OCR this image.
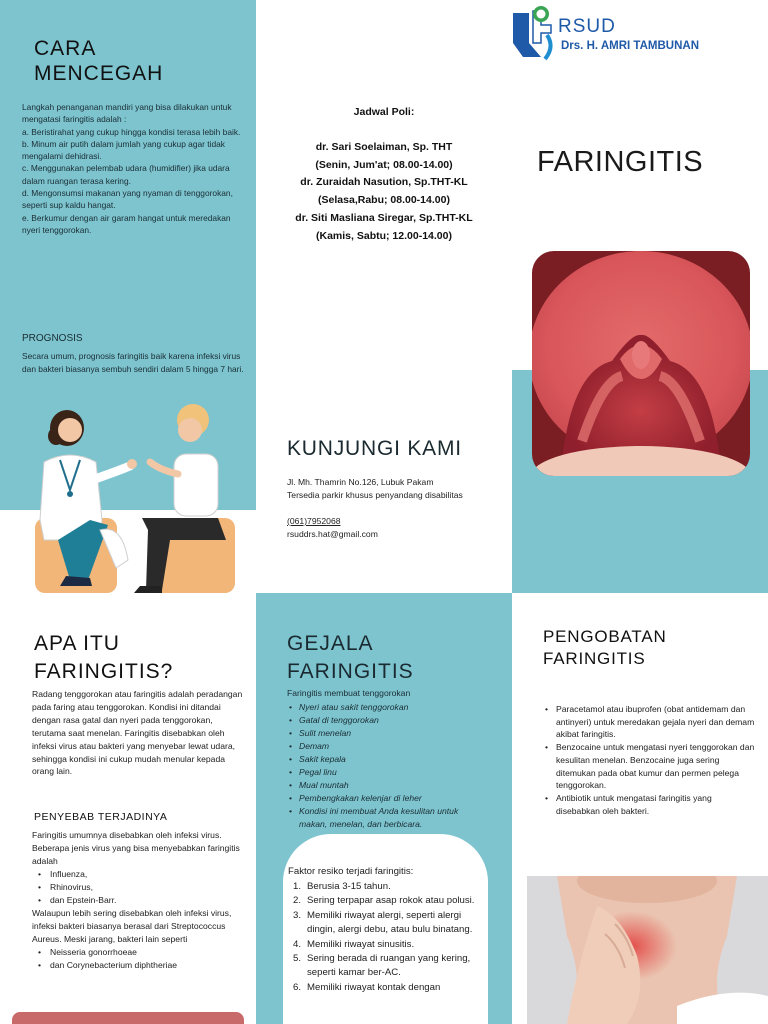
CARA
MENCEGAH
Langkah penanganan mandiri yang bisa dilakukan untuk mengatasi faringitis adalah :
a. Beristirahat yang cukup hingga kondisi terasa lebih baik.
b. Minum air putih dalam jumlah yang cukup agar tidak mengalami dehidrasi.
c. Menggunakan pelembab udara (humidifier) jika udara dalam ruangan terasa kering.
d. Mengonsumsi makanan yang nyaman di tenggorokan, seperti sup kaldu hangat.
e. Berkumur dengan air garam hangat untuk meredakan nyeri tenggorokan.
PROGNOSIS
Secara umum, prognosis faringitis baik karena infeksi virus dan bakteri biasanya sembuh sendiri dalam 5 hingga 7 hari.
Jadwal Poli:
dr. Sari Soelaiman, Sp. THT
(Senin, Jum'at; 08.00-14.00)
dr. Zuraidah Nasution, Sp.THT-KL
(Selasa,Rabu; 08.00-14.00)
dr. Siti Masliana Siregar, Sp.THT-KL
(Kamis, Sabtu; 12.00-14.00)
KUNJUNGI KAMI
Jl. Mh. Thamrin No.126, Lubuk Pakam
Tersedia parkir khusus penyandang disabilitas
(061)7952068
rsuddrs.hat@gmail.com
RSUD
Drs. H. AMRI TAMBUNAN
FARINGITIS
APA ITU
FARINGITIS?
Radang tenggorokan atau faringitis adalah peradangan pada faring atau tenggorokan. Kondisi ini ditandai dengan rasa gatal dan nyeri pada tenggorokan, terutama saat menelan. Faringitis disebabkan oleh infeksi virus atau bakteri yang menyebar lewat udara, sehingga kondisi ini cukup mudah menular kepada orang lain.
PENYEBAB TERJADINYA
Faringitis umumnya disebabkan oleh infeksi virus. Beberapa jenis virus yang bisa menyebabkan faringitis adalah
• Influenza,
• Rhinovirus,
• dan Epstein-Barr.
Walaupun lebih sering disebabkan oleh infeksi virus, infeksi bakteri biasanya berasal dari Streptococcus Aureus. Meski jarang, bakteri lain seperti
• Neisseria gonorrhoeae
• dan Corynebacterium diphtheriae
GEJALA
FARINGITIS
Faringitis membuat tenggorokan
• Nyeri atau sakit tenggorokan
• Gatal di tenggorokan
• Sulit menelan
• Demam
• Sakit kepala
• Pegal linu
• Mual muntah
• Pembengkakan kelenjar di leher
• Kondisi ini membuat Anda kesulitan untuk makan, menelan, dan berbicara.
Faktor resiko terjadi faringitis:
1. Berusia 3-15 tahun.
2. Sering terpapar asap rokok atau polusi.
3. Memiliki riwayat alergi, seperti alergi dingin, alergi debu, atau bulu binatang.
4. Memiliki riwayat sinusitis.
5. Sering berada di ruangan yang kering, seperti kamar ber-AC.
6. Memiliki riwayat kontak dengan
PENGOBATAN
FARINGITIS
• Paracetamol atau ibuprofen (obat antidemam dan antinyeri) untuk meredakan gejala nyeri dan demam akibat faringitis.
• Benzocaine untuk mengatasi nyeri tenggorokan dan kesulitan menelan. Benzocaine juga sering ditemukan pada obat kumur dan permen pelega tenggorokan.
• Antibiotik untuk mengatasi faringitis yang disebabkan oleh bakteri.
